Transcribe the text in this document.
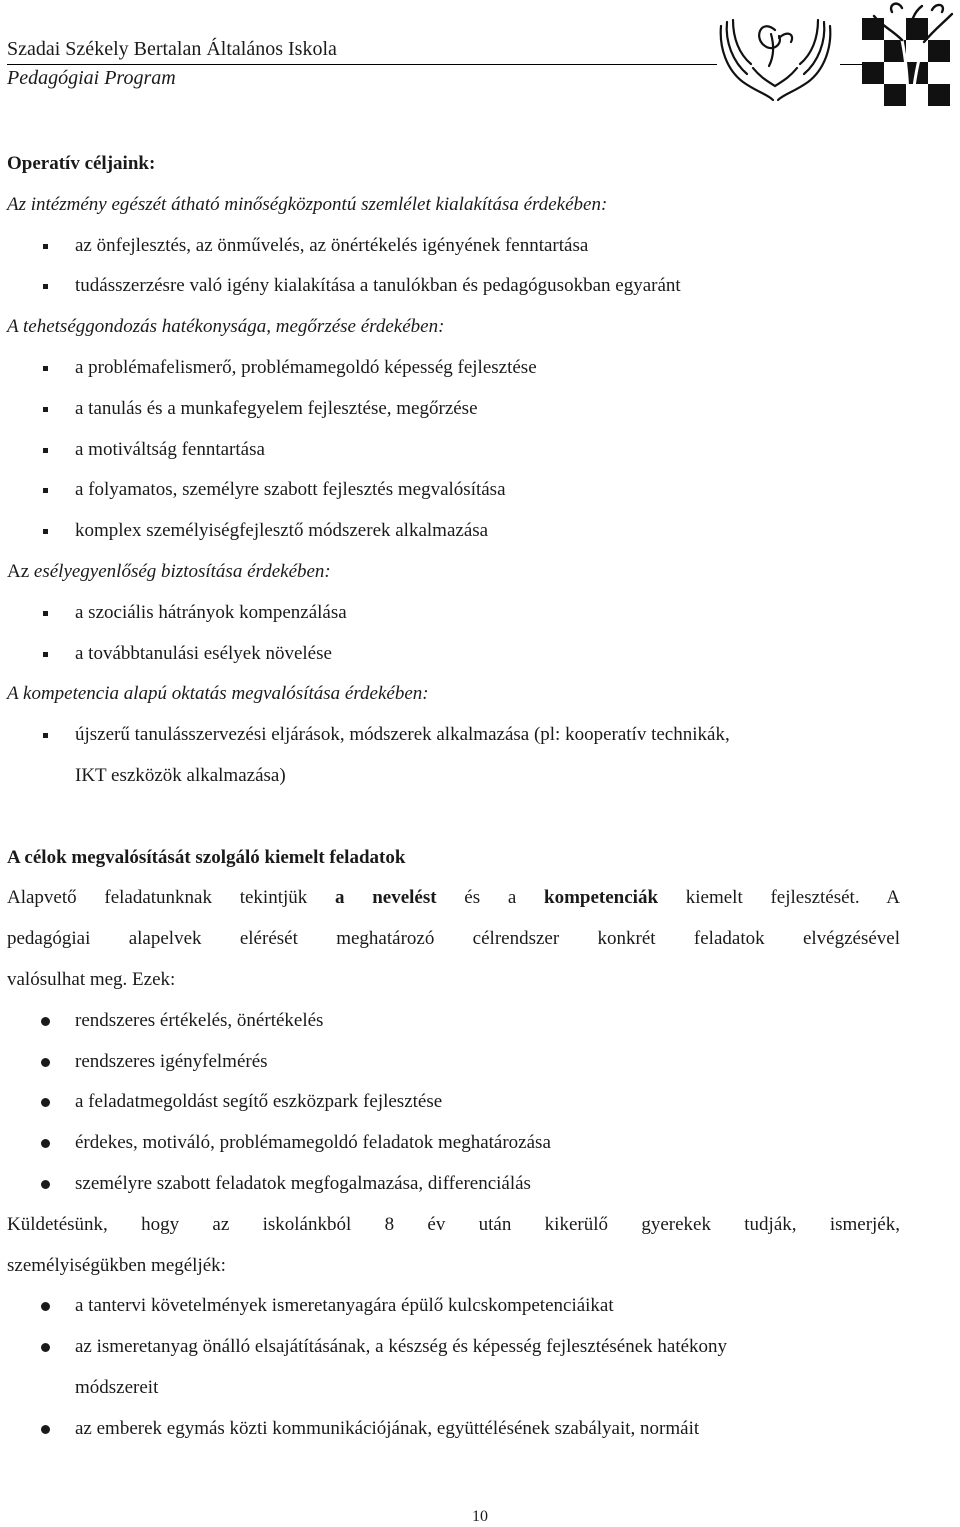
Szadai Székely Bertalan Általános Iskola
Pedagógiai Program
Operatív céljaink:
Az intézmény egészét átható minőségközpontú szemlélet kialakítása érdekében:
az önfejlesztés, az önművelés, az önértékelés igényének fenntartása
tudásszerzésre való igény kialakítása a tanulókban és pedagógusokban egyaránt
A tehetséggondozás hatékonysága, megőrzése érdekében:
a problémafelismerő, problémamegoldó képesség fejlesztése
a tanulás és a munkafegyelem fejlesztése, megőrzése
a motiváltság fenntartása
a folyamatos, személyre szabott fejlesztés megvalósítása
komplex személyiségfejlesztő módszerek alkalmazása
Az esélyegyenlőség biztosítása érdekében:
a szociális hátrányok kompenzálása
a továbbtanulási esélyek növelése
A kompetencia alapú oktatás megvalósítása érdekében:
újszerű tanulásszervezési eljárások, módszerek alkalmazása (pl: kooperatív technikák,
IKT eszközök alkalmazása)
A célok megvalósítását szolgáló kiemelt feladatok
Alapvető feladatunknak tekintjük a nevelést és a kompetenciák kiemelt fejlesztését. A
pedagógiai alapelvek elérését meghatározó célrendszer konkrét feladatok elvégzésével
valósulhat meg. Ezek:
rendszeres értékelés, önértékelés
rendszeres igényfelmérés
a feladatmegoldást segítő eszközpark fejlesztése
érdekes, motiváló, problémamegoldó feladatok meghatározása
személyre szabott feladatok megfogalmazása, differenciálás
Küldetésünk, hogy az iskolánkból 8 év után kikerülő gyerekek tudják, ismerjék,
személyiségükben megéljék:
a tantervi követelmények ismeretanyagára épülő kulcskompetenciáikat
az ismeretanyag önálló elsajátításának, a készség és képesség fejlesztésének hatékony
módszereit
az emberek egymás közti kommunikációjának, együttélésének szabályait, normáit
10
